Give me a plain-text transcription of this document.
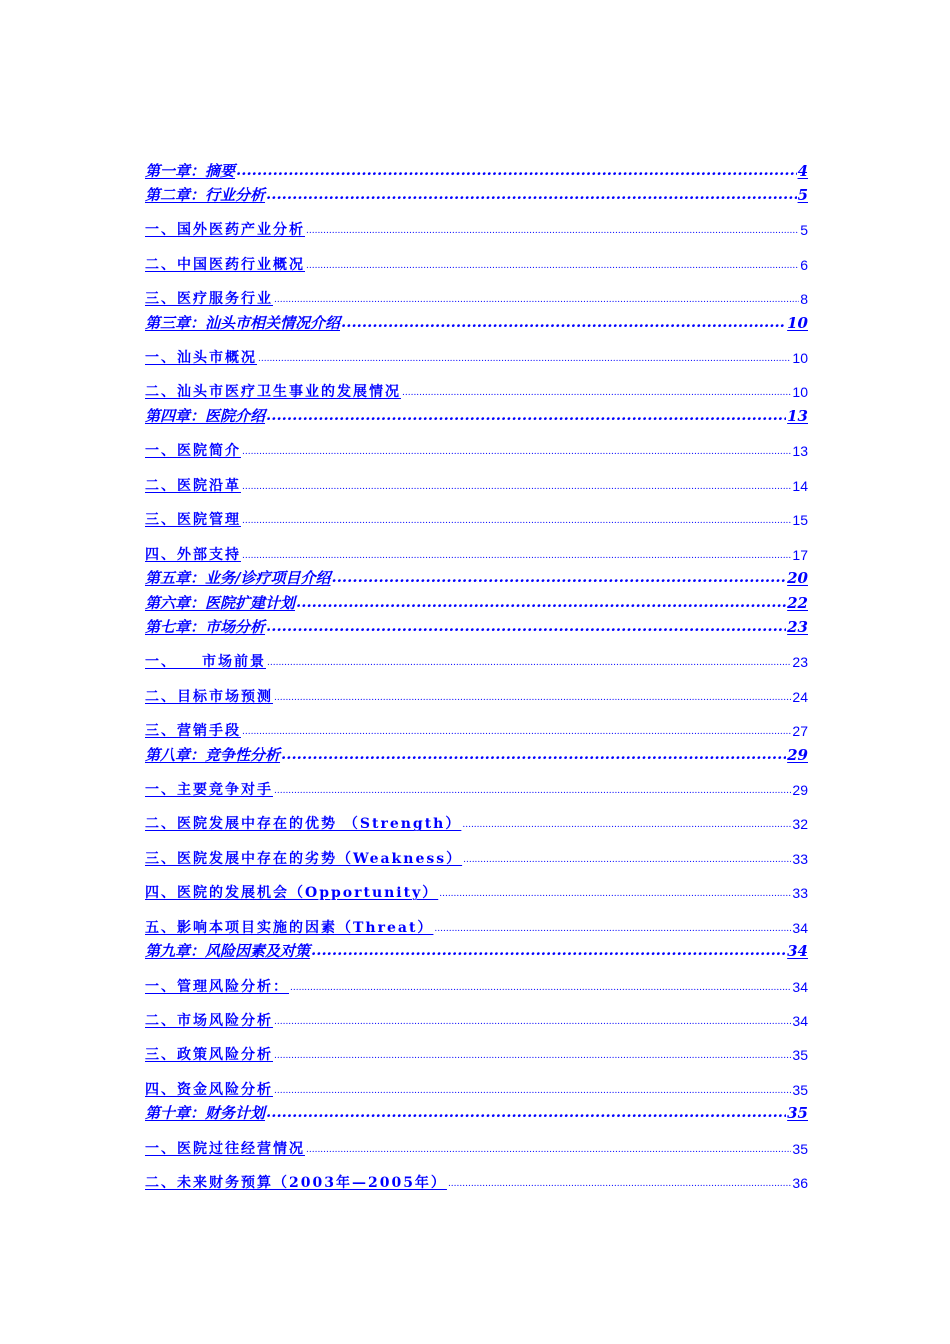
第一章：摘要 .....	4
第二章：行业分析 .....	5
一、国外医药产业分析 .....	5
二、中国医药行业概况 .....	6
三、医疗服务行业 .....	8
第三章：汕头市相关情况介绍 .....	10
一、汕头市概况 .....	10
二、汕头市医疗卫生事业的发展情况 .....	10
第四章：医院介绍 .....	13
一、医院简介 .....	13
二、医院沿革 .....	14
三、医院管理 .....	15
四、外部支持 .....	17
第五章：业务/诊疗项目介绍 .....	20
第六章：医院扩建计划 .....	22
第七章：市场分析 .....	23
一、　　市场前景 .....	23
二、目标市场预测 .....	24
三、营销手段 .....	27
第八章：竞争性分析 .....	29
一、主要竞争对手 .....	29
二、医院发展中存在的优势 （Strength） .....	32
三、医院发展中存在的劣势（Weakness） .....	33
四、医院的发展机会（Opportunity） .....	33
五、影响本项目实施的因素（Threat） .....	34
第九章：风险因素及对策 .....	34
一、管理风险分析： .....	34
二、市场风险分析 .....	34
三、政策风险分析 .....	35
四、资金风险分析 .....	35
第十章：财务计划 .....	35
一、医院过往经营情况 .....	35
二、未来财务预算（2003年—2005年） .....	36
